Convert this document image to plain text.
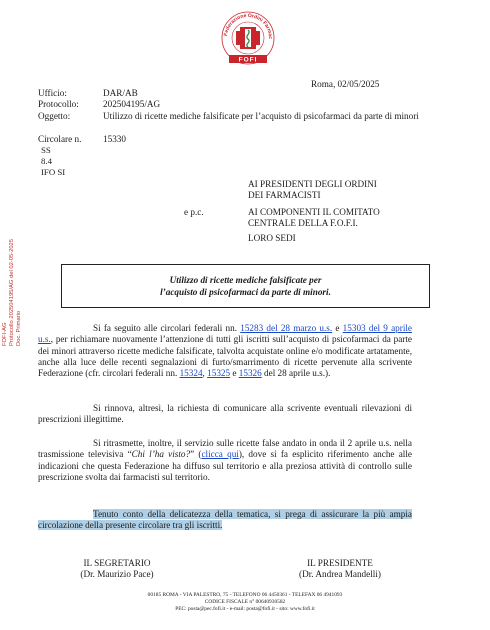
Federazione Ordini Farmac
FOFI
Roma, 02/05/2025
Ufficio:	DAR/AB
Protocollo:	202504195/AG
Oggetto:	Utilizzo di ricette mediche falsificate per l’acquisto di psicofarmaci da parte di minori
Circolare n. 15330
SS
8.4
IFO SI
AI PRESIDENTI DEGLI ORDINI
DEI FARMACISTI
e p.c.	AI COMPONENTI IL COMITATO
CENTRALE DELLA F.O.F.I.
LORO SEDI
FOFI-AG Protocollo 202504195/AG del 02-05-2025 Doc. Primario
Utilizzo di ricette mediche falsificate per
l’acquisto di psicofarmaci da parte di minori.

Si fa seguito alle circolari federali nn. 15283 del 28 marzo u.s. e 15303 del 9 aprile u.s., per richiamare nuovamente l’attenzione di tutti gli iscritti sull’acquisto di psicofarmaci da parte dei minori attraverso ricette mediche falsificate, talvolta acquistate online e/o modificate artatamente, anche alla luce delle recenti segnalazioni di furto/smarrimento di ricette pervenute alla scrivente Federazione (cfr. circolari federali nn. 15324, 15325 e 15326 del 28 aprile u.s.).

Si rinnova, altresì, la richiesta di comunicare alla scrivente eventuali rilevazioni di prescrizioni illegittime.

Si ritrasmette, inoltre, il servizio sulle ricette false andato in onda il 2 aprile u.s. nella trasmissione televisiva “Chi l’ha visto?” (clicca qui), dove si fa esplicito riferimento anche alle indicazioni che questa Federazione ha diffuso sul territorio e alla preziosa attività di controllo sulle prescrizione svolta dai farmacisti sul territorio.

Tenuto conto della delicatezza della tematica, si prega di assicurare la più ampia circolazione della presente circolare tra gli iscritti.

IL SEGRETARIO
(Dr. Maurizio Pace)
IL PRESIDENTE
(Dr. Andrea Mandelli)
00185 ROMA - VIA PALESTRO, 75 - TELEFONO 06 4450361 - TELEFAX 06 4941093
CODICE FISCALE n° 00640930582
PEC: posta@pec.fofi.it - e-mail: posta@fofi.it - sito: www.fofi.it
